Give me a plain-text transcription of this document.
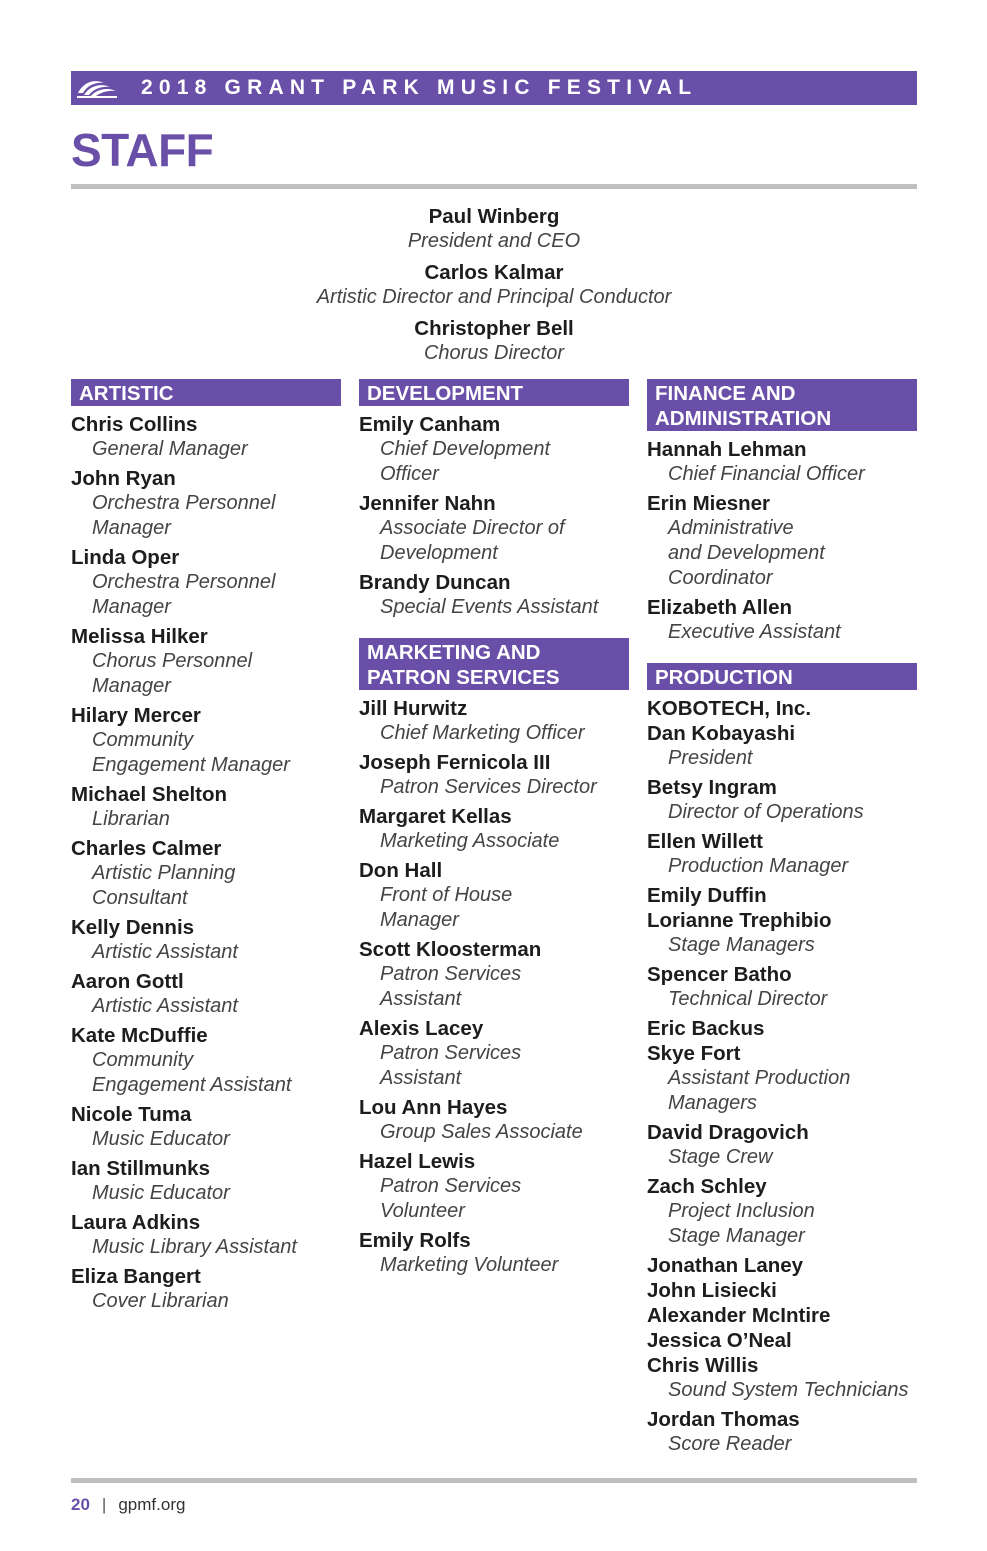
2018 GRANT PARK MUSIC FESTIVAL
STAFF
Paul Winberg
President and CEO
Carlos Kalmar
Artistic Director and Principal Conductor
Christopher Bell
Chorus Director
ARTISTIC
Chris Collins
General Manager
John Ryan
Orchestra Personnel
Manager
Linda Oper
Orchestra Personnel
Manager
Melissa Hilker
Chorus Personnel
Manager
Hilary Mercer
Community
Engagement Manager
Michael Shelton
Librarian
Charles Calmer
Artistic Planning
Consultant
Kelly Dennis
Artistic Assistant
Aaron Gottl
Artistic Assistant
Kate McDuffie
Community
Engagement Assistant
Nicole Tuma
Music Educator
Ian Stillmunks
Music Educator
Laura Adkins
Music Library Assistant
Eliza Bangert
Cover Librarian
DEVELOPMENT
Emily Canham
Chief Development
Officer
Jennifer Nahn
Associate Director of
Development
Brandy Duncan
Special Events Assistant
MARKETING AND
PATRON SERVICES
Jill Hurwitz
Chief Marketing Officer
Joseph Fernicola III
Patron Services Director
Margaret Kellas
Marketing Associate
Don Hall
Front of House
Manager
Scott Kloosterman
Patron Services
Assistant
Alexis Lacey
Patron Services
Assistant
Lou Ann Hayes
Group Sales Associate
Hazel Lewis
Patron Services
Volunteer
Emily Rolfs
Marketing Volunteer
FINANCE AND
ADMINISTRATION
Hannah Lehman
Chief Financial Officer
Erin Miesner
Administrative
and Development
Coordinator
Elizabeth Allen
Executive Assistant
PRODUCTION
KOBOTECH, Inc.
Dan Kobayashi
President
Betsy Ingram
Director of Operations
Ellen Willett
Production Manager
Emily Duffin
Lorianne Trephibio
Stage Managers
Spencer Batho
Technical Director
Eric Backus
Skye Fort
Assistant Production
Managers
David Dragovich
Stage Crew
Zach Schley
Project Inclusion
Stage Manager
Jonathan Laney
John Lisiecki
Alexander McIntire
Jessica O’Neal
Chris Willis
Sound System Technicians
Jordan Thomas
Score Reader
20 | gpmf.org
